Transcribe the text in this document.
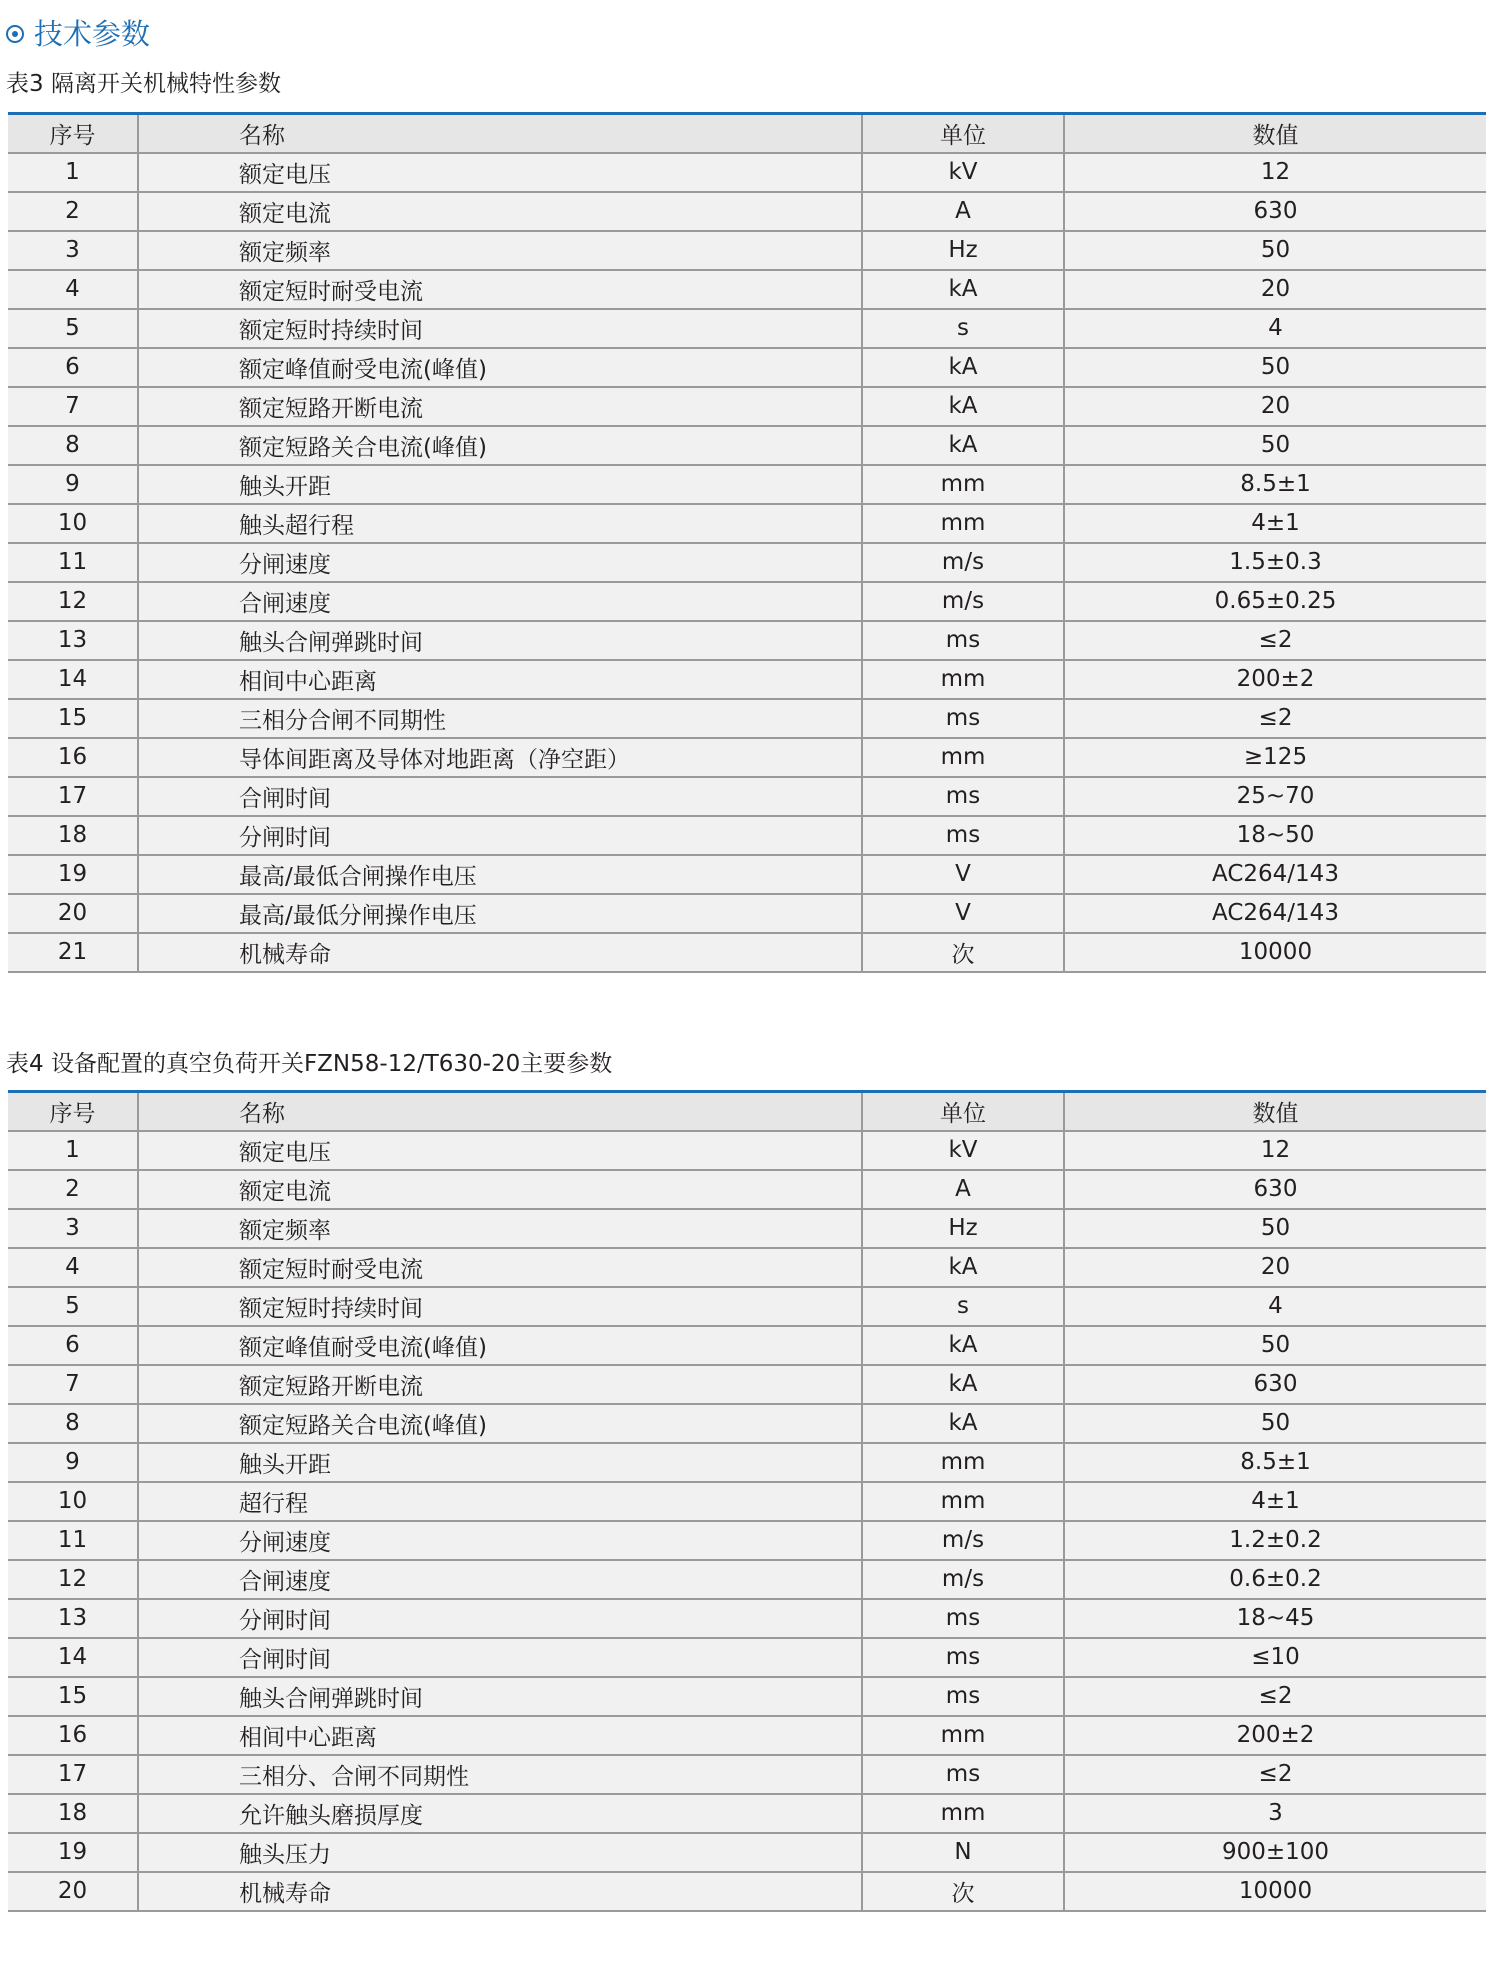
技术参数
表3 隔离开关机械特性参数
序号	名称	单位	数值
1	额定电压	kV	12
2	额定电流	A	630
3	额定频率	Hz	50
4	额定短时耐受电流	kA	20
5	额定短时持续时间	s	4
6	额定峰值耐受电流(峰值)	kA	50
7	额定短路开断电流	kA	20
8	额定短路关合电流(峰值)	kA	50
9	触头开距	mm	8.5±1
10	触头超行程	mm	4±1
11	分闸速度	m/s	1.5±0.3
12	合闸速度	m/s	0.65±0.25
13	触头合闸弹跳时间	ms	≤2
14	相间中心距离	mm	200±2
15	三相分合闸不同期性	ms	≤2
16	导体间距离及导体对地距离（净空距）	mm	≥125
17	合闸时间	ms	25~70
18	分闸时间	ms	18~50
19	最高/最低合闸操作电压	V	AC264/143
20	最高/最低分闸操作电压	V	AC264/143
21	机械寿命	次	10000
表4 设备配置的真空负荷开关FZN58-12/T630-20主要参数
序号	名称	单位	数值
1	额定电压	kV	12
2	额定电流	A	630
3	额定频率	Hz	50
4	额定短时耐受电流	kA	20
5	额定短时持续时间	s	4
6	额定峰值耐受电流(峰值)	kA	50
7	额定短路开断电流	kA	630
8	额定短路关合电流(峰值)	kA	50
9	触头开距	mm	8.5±1
10	超行程	mm	4±1
11	分闸速度	m/s	1.2±0.2
12	合闸速度	m/s	0.6±0.2
13	分闸时间	ms	18~45
14	合闸时间	ms	≤10
15	触头合闸弹跳时间	ms	≤2
16	相间中心距离	mm	200±2
17	三相分、合闸不同期性	ms	≤2
18	允许触头磨损厚度	mm	3
19	触头压力	N	900±100
20	机械寿命	次	10000
